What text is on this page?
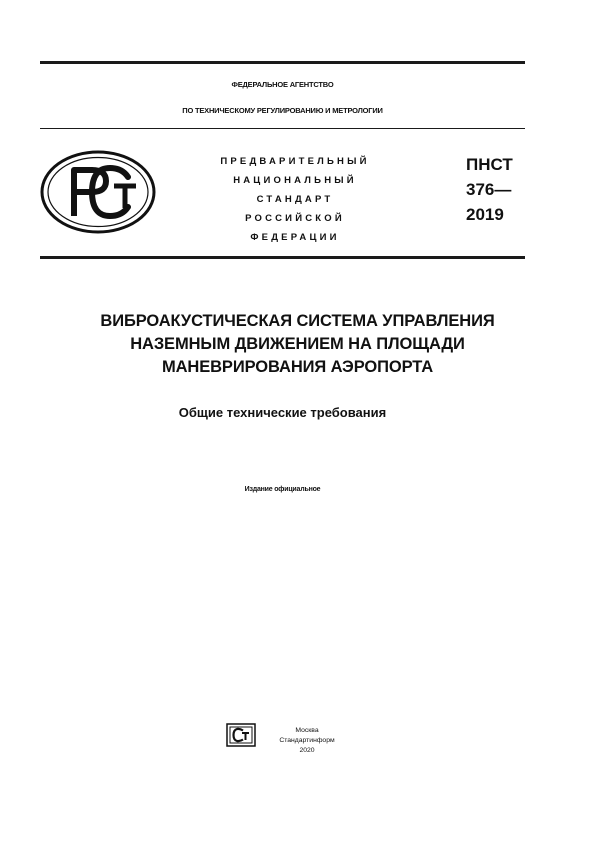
ФЕДЕРАЛЬНОЕ АГЕНТСТВО
ПО ТЕХНИЧЕСКОМУ РЕГУЛИРОВАНИЮ И МЕТРОЛОГИИ
ПРЕДВАРИТЕЛЬНЫЙ
НАЦИОНАЛЬНЫЙ
СТАНДАРТ
РОССИЙСКОЙ
ФЕДЕРАЦИИ
ПНСТ
376—
2019
ВИБРОАКУСТИЧЕСКАЯ СИСТЕМА УПРАВЛЕНИЯ
НАЗЕМНЫМ ДВИЖЕНИЕМ НА ПЛОЩАДИ
МАНЕВРИРОВАНИЯ АЭРОПОРТА
Общие технические требования
Издание официальное
Москва
Стандартинформ
2020
